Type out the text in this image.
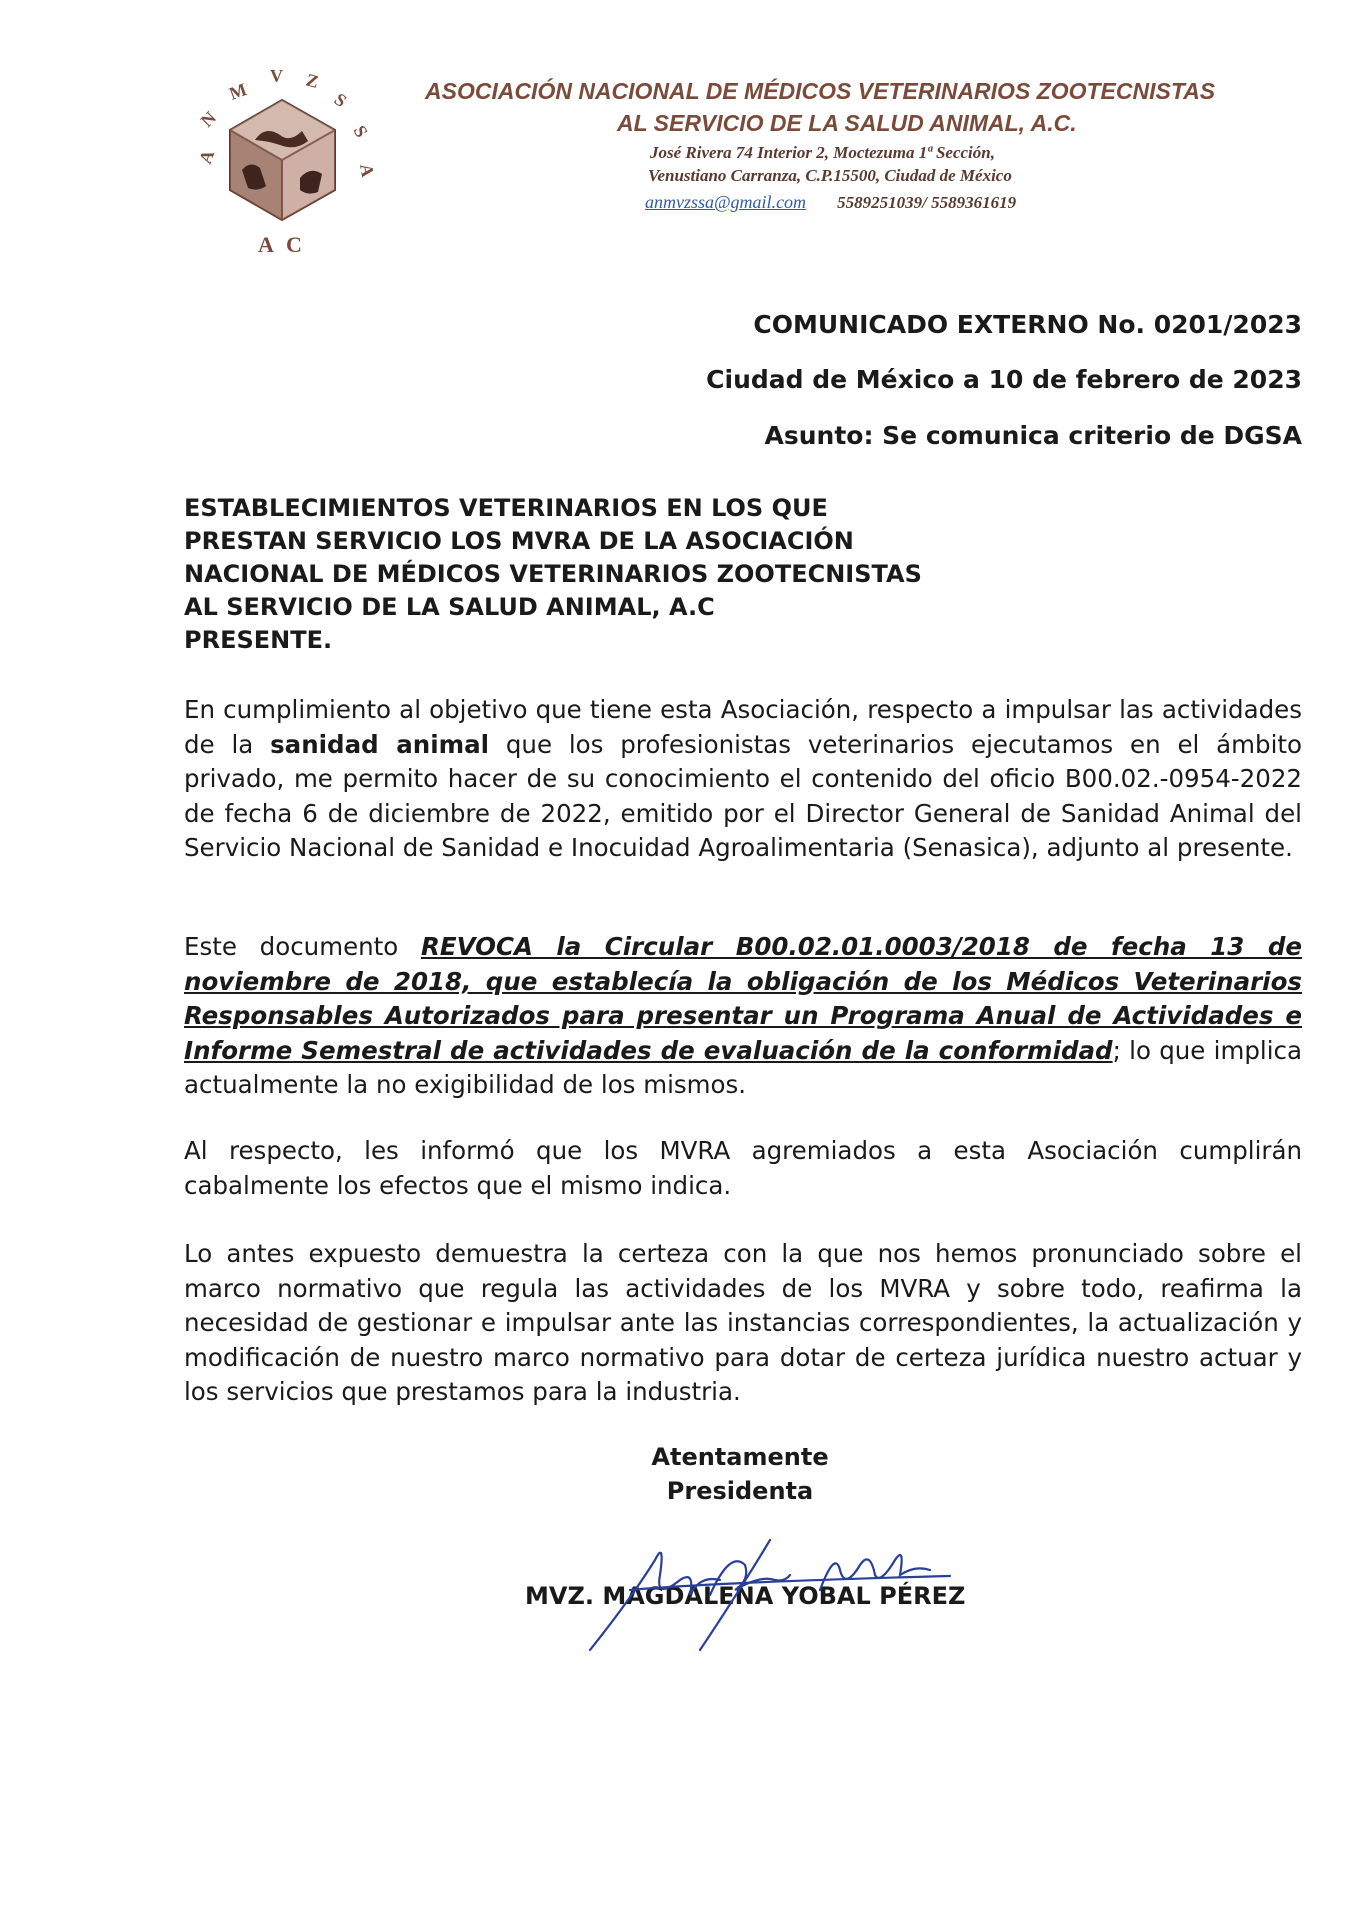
A
N
M
V Z
S
S
A
A C
ASOCIACIÓN NACIONAL DE MÉDICOS VETERINARIOS ZOOTECNISTAS
AL SERVICIO DE LA SALUD ANIMAL, A.C.
José Rivera 74 Interior 2, Moctezuma 1ª Sección,
Venustiano Carranza, C.P.15500, Ciudad de México
anmvzssa@gmail.com 5589251039/ 5589361619
COMUNICADO EXTERNO No. 0201/2023
Ciudad de México a 10 de febrero de 2023
Asunto: Se comunica criterio de DGSA
ESTABLECIMIENTOS VETERINARIOS EN LOS QUE
PRESTAN SERVICIO LOS MVRA DE LA ASOCIACIÓN
NACIONAL DE MÉDICOS VETERINARIOS ZOOTECNISTAS
AL SERVICIO DE LA SALUD ANIMAL, A.C
PRESENTE.
En cumplimiento al objetivo que tiene esta Asociación, respecto a impulsar las actividades de la sanidad animal que los profesionistas veterinarios ejecutamos en el ámbito privado, me permito hacer de su conocimiento el contenido del oficio B00.02.-0954-2022 de fecha 6 de diciembre de 2022, emitido por el Director General de Sanidad Animal del Servicio Nacional de Sanidad e Inocuidad Agroalimentaria (Senasica), adjunto al presente.
Este documento REVOCA la Circular B00.02.01.0003/2018 de fecha 13 de noviembre de 2018, que establecía la obligación de los Médicos Veterinarios Responsables Autorizados para presentar un Programa Anual de Actividades e Informe Semestral de actividades de evaluación de la conformidad; lo que implica actualmente la no exigibilidad de los mismos.
Al respecto, les informó que los MVRA agremiados a esta Asociación cumplirán cabalmente los efectos que el mismo indica.
Lo antes expuesto demuestra la certeza con la que nos hemos pronunciado sobre el marco normativo que regula las actividades de los MVRA y sobre todo, reafirma la necesidad de gestionar e impulsar ante las instancias correspondientes, la actualización y modificación de nuestro marco normativo para dotar de certeza jurídica nuestro actuar y los servicios que prestamos para la industria.
Atentamente
Presidenta
MVZ. MAGDALENA YOBAL PÉREZ
